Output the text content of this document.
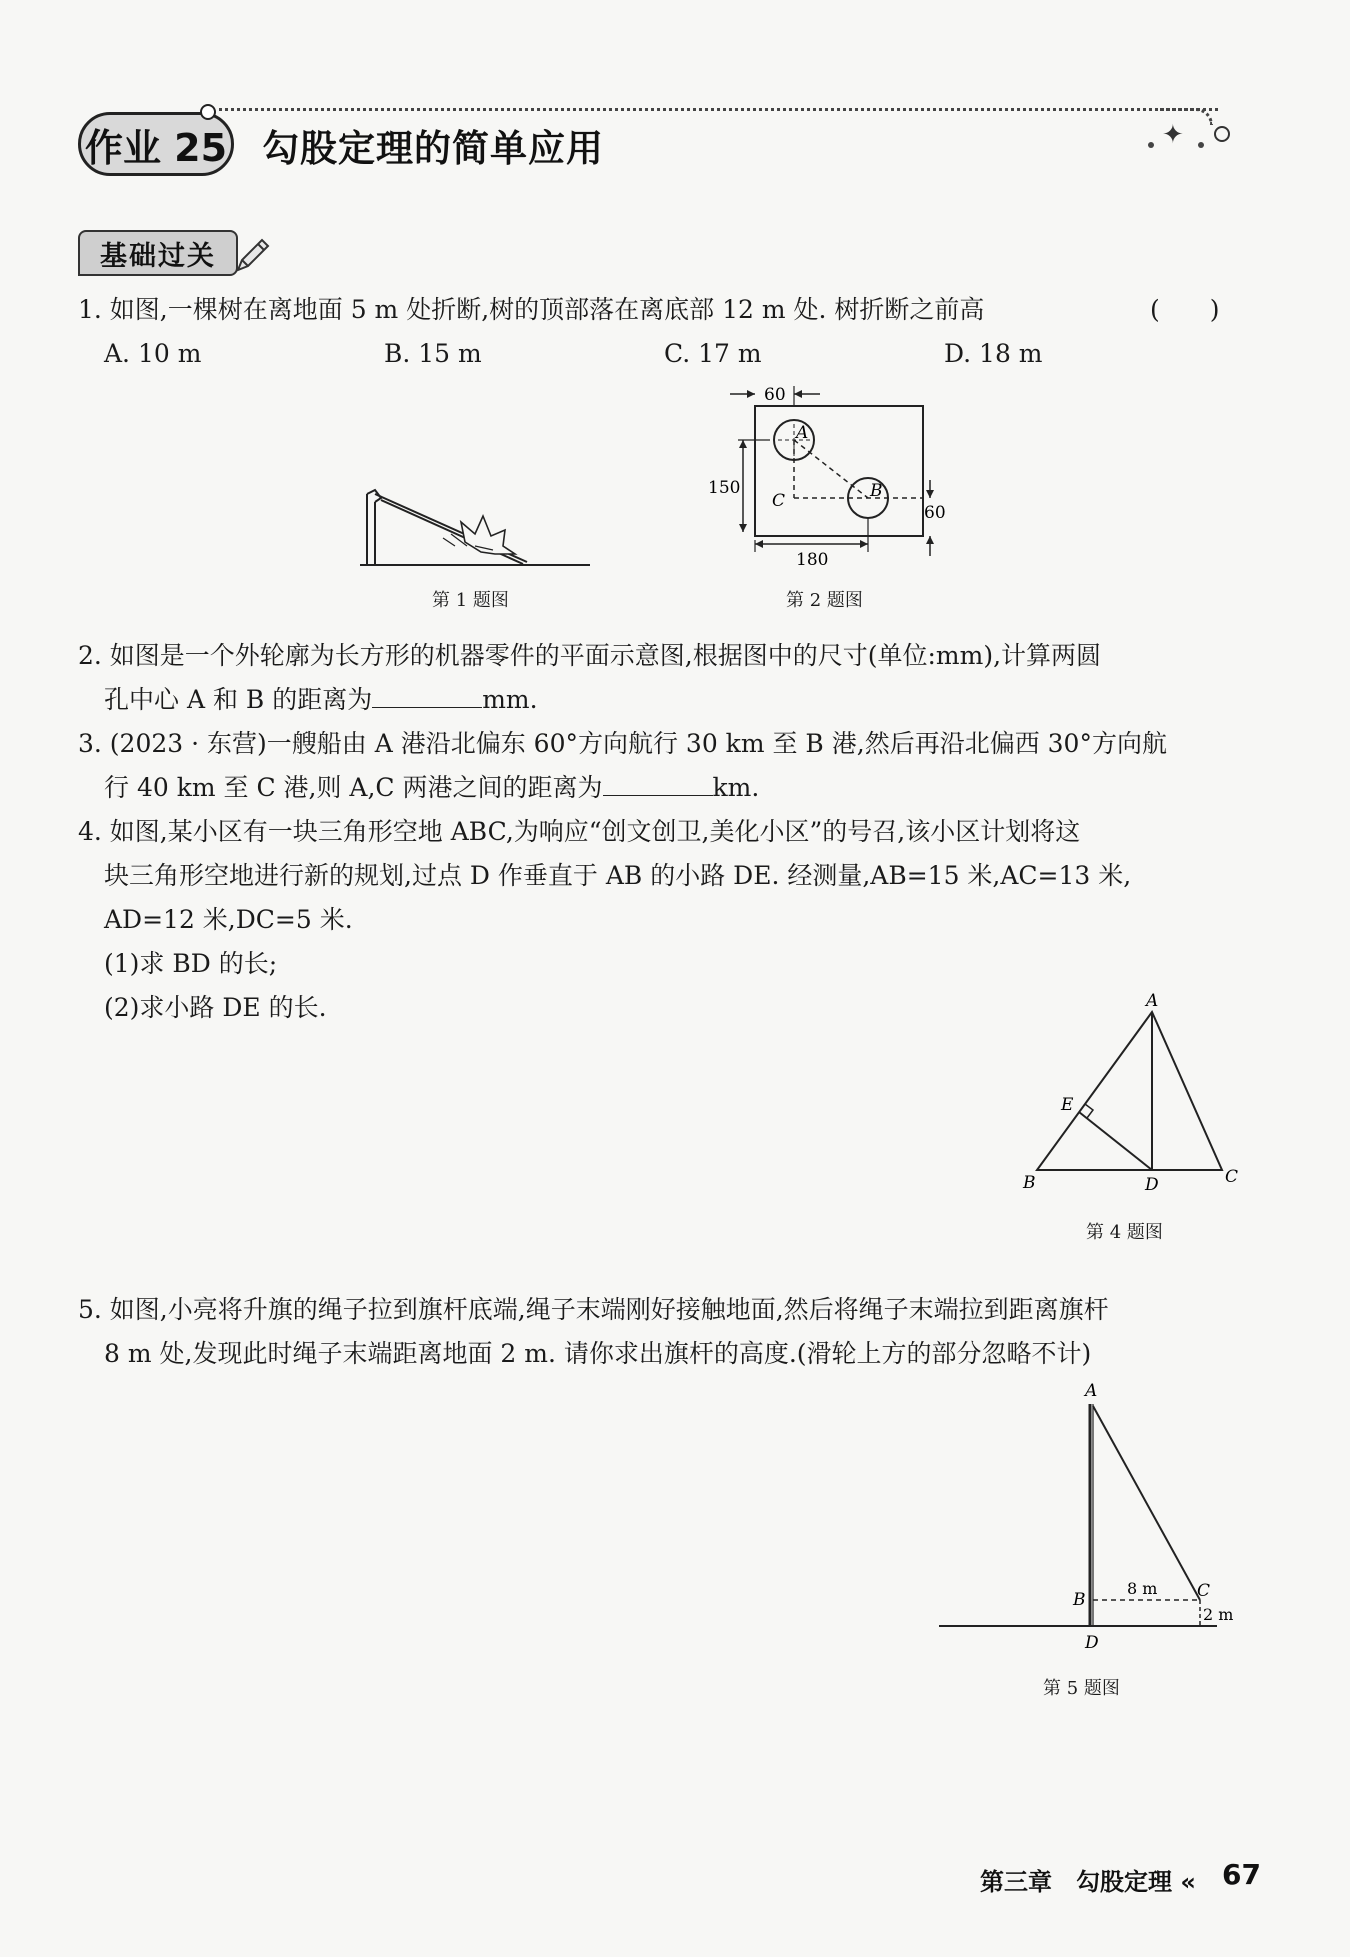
✦
作业 25 勾股定理的简单应用
基础过关
1. 如图,一棵树在离地面 5 m 处折断,树的顶部落在离底部 12 m 处. 树折断之前高	(　　)
A. 10 m	B. 15 m	C. 17 m	D. 18 m
第 1 题图
60
150
A
B
C
60
180
第 2 题图
2. 如图是一个外轮廓为长方形的机器零件的平面示意图,根据图中的尺寸(单位:mm),计算两圆
孔中心 A 和 B 的距离为	mm.
3. (2023 · 东营)一艘船由 A 港沿北偏东 60°方向航行 30 km 至 B 港,然后再沿北偏西 30°方向航
行 40 km 至 C 港,则 A,C 两港之间的距离为	km.
4. 如图,某小区有一块三角形空地 ABC,为响应“创文创卫,美化小区”的号召,该小区计划将这
块三角形空地进行新的规划,过点 D 作垂直于 AB 的小路 DE. 经测量,AB=15 米,AC=13 米,
AD=12 米,DC=5 米.
(1)求 BD 的长;
(2)求小路 DE 的长.	A
B	C
D
E
第 4 题图
5. 如图,小亮将升旗的绳子拉到旗杆底端,绳子末端刚好接触地面,然后将绳子末端拉到距离旗杆
8 m 处,发现此时绳子末端距离地面 2 m. 请你求出旗杆的高度.(滑轮上方的部分忽略不计)
A
B	C
D
8 m
2 m
第 5 题图
第三章　勾股定理 « 67
